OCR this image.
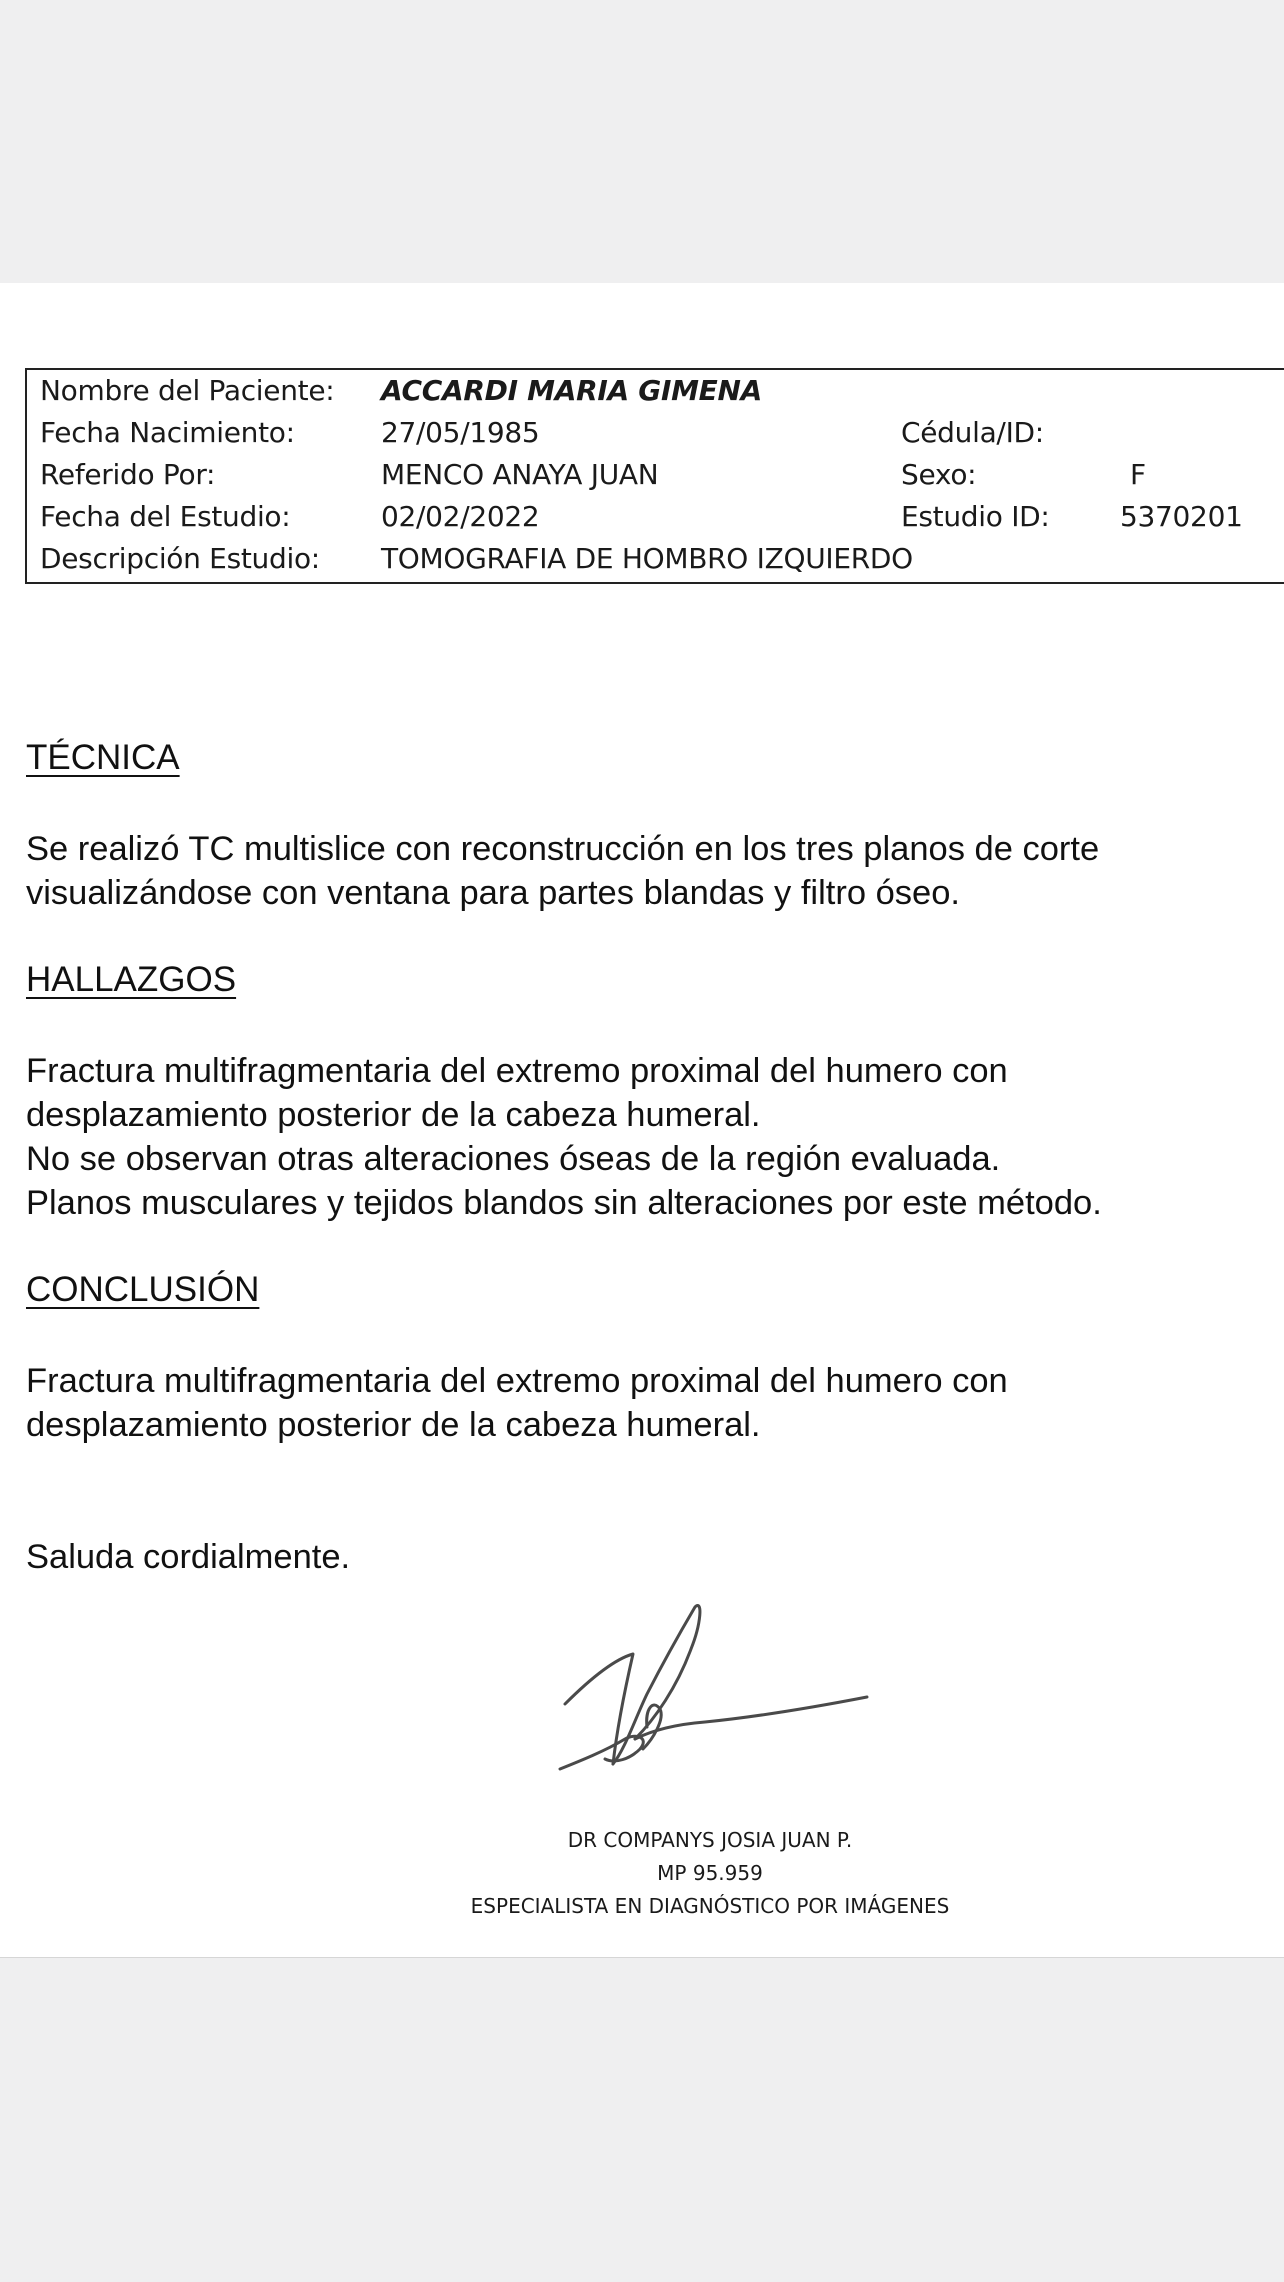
Nombre del Paciente: ACCARDI MARIA GIMENA
Fecha Nacimiento:	27/05/1985	Cédula/ID:
Referido Por:	MENCO ANAYA JUAN	Sexo:	F
Fecha del Estudio:	02/02/2022	Estudio ID:	5370201
Descripción Estudio: TOMOGRAFIA DE HOMBRO IZQUIERDO
TÉCNICA
Se realizó TC multislice con reconstrucción en los tres planos de corte
visualizándose con ventana para partes blandas y filtro óseo.
HALLAZGOS
Fractura multifragmentaria del extremo proximal del humero con
desplazamiento posterior de la cabeza humeral.
No se observan otras alteraciones óseas de la región evaluada.
Planos musculares y tejidos blandos sin alteraciones por este método.
CONCLUSIÓN
Fractura multifragmentaria del extremo proximal del humero con
desplazamiento posterior de la cabeza humeral.
Saluda cordialmente.
DR COMPANYS JOSIA JUAN P.
MP 95.959
ESPECIALISTA EN DIAGNÓSTICO POR IMÁGENES
